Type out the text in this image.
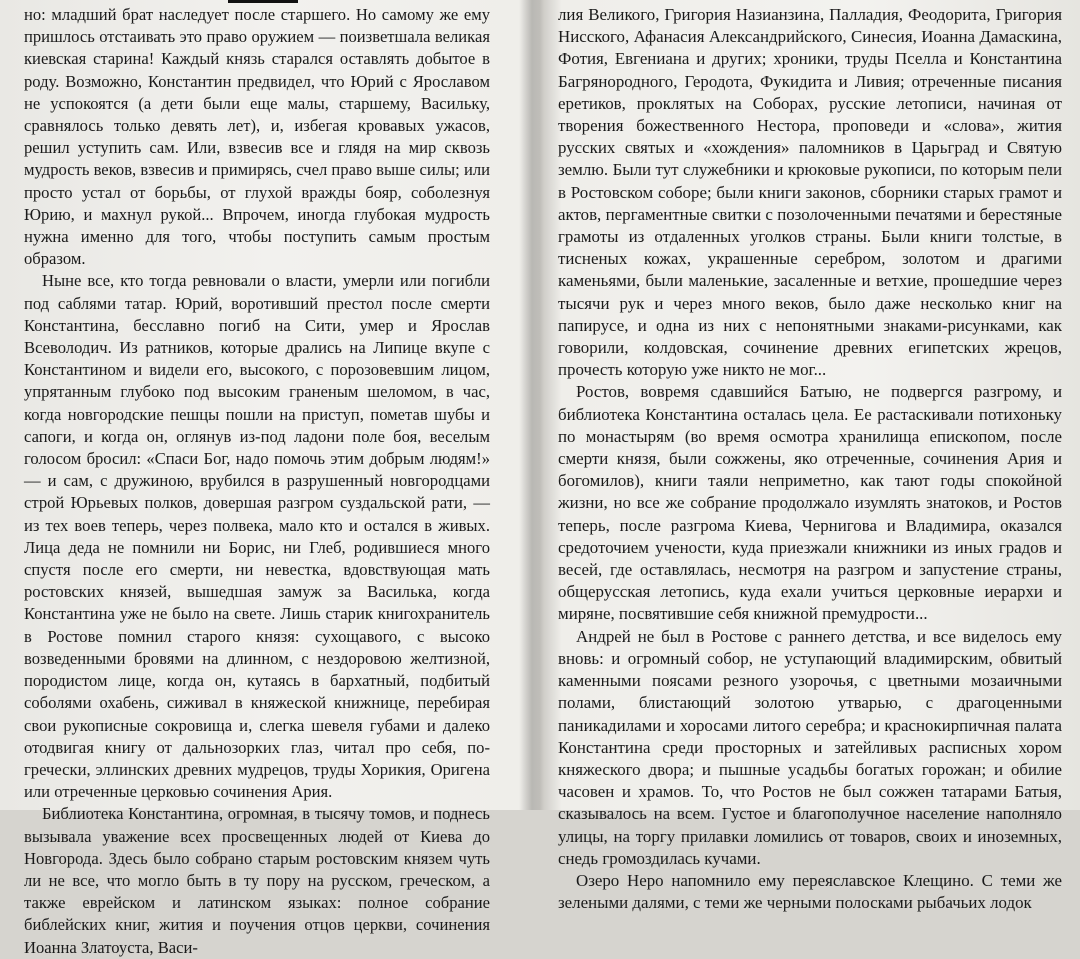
но: младший брат наследует после старшего. Но самому же ему пришлось отстаивать это право оружием — поизветшала великая киевская старина! Каждый князь старался оставлять добытое в роду. Возможно, Константин предвидел, что Юрий с Ярославом не успокоятся (а дети были еще малы, старшему, Васильку, сравнялось только девять лет), и, избегая кровавых ужасов, решил уступить сам. Или, взвесив все и глядя на мир сквозь мудрость веков, взвесив и примирясь, счел право выше силы; или просто устал от борьбы, от глухой вражды бояр, соболезнуя Юрию, и махнул рукой... Впрочем, иногда глубокая мудрость нужна именно для того, чтобы поступить самым простым образом.

Ныне все, кто тогда ревновали о власти, умерли или погибли под саблями татар. Юрий, воротивший престол после смерти Константина, бесславно погиб на Сити, умер и Ярослав Всеволодич. Из ратников, которые дрались на Липице вкупе с Константином и видели его, высокого, с порозовевшим лицом, упрятанным глубоко под высоким граненым шеломом, в час, когда новгородские пешцы пошли на приступ, пометав шубы и сапоги, и когда он, оглянув из-под ладони поле боя, веселым голосом бросил: «Спаси Бог, надо помочь этим добрым людям!» — и сам, с дружиною, врубился в разрушенный новгородцами строй Юрьевых полков, довершая разгром суздальской рати, — из тех воев теперь, через полвека, мало кто и остался в живых. Лица деда не помнили ни Борис, ни Глеб, родившиеся много спустя после его смерти, ни невестка, вдовствующая мать ростовских князей, вышедшая замуж за Василька, когда Константина уже не было на свете. Лишь старик книгохранитель в Ростове помнил старого князя: сухощавого, с высоко возведенными бровями на длинном, с нездоровою желтизной, породистом лице, когда он, кутаясь в бархатный, подбитый соболями охабень, сиживал в княжеской книжнице, перебирая свои рукописные сокровища и, слегка шевеля губами и далеко отодвигая книгу от дальнозорких глаз, читал про себя, по-гречески, эллинских древних мудрецов, труды Хорикия, Оригена или отреченные церковью сочинения Ария.

Библиотека Константина, огромная, в тысячу томов, и поднесь вызывала уважение всех просвещенных людей от Киева до Новгорода. Здесь было собрано старым ростовским князем чуть ли не все, что могло быть в ту пору на русском, греческом, а также еврейском и латинском языках: полное собрание библейских книг, жития и поучения отцов церкви, сочинения Иоанна Златоуста, Васи-

лия Великого, Григория Назианзина, Палладия, Феодорита, Григория Нисского, Афанасия Александрийского, Синесия, Иоанна Дамаскина, Фотия, Евгениана и других; хроники, труды Пселла и Константина Багрянородного, Геродота, Фукидита и Ливия; отреченные писания еретиков, проклятых на Соборах, русские летописи, начиная от творения божественного Нестора, проповеди и «слова», жития русских святых и «хождения» паломников в Царьград и Святую землю. Были тут служебники и крюковые рукописи, по которым пели в Ростовском соборе; были книги законов, сборники старых грамот и актов, пергаментные свитки с позолоченными печатями и берестяные грамоты из отдаленных уголков страны. Были книги толстые, в тисненых кожах, украшенные серебром, золотом и драгими каменьями, были маленькие, засаленные и ветхие, прошедшие через тысячи рук и через много веков, было даже несколько книг на папирусе, и одна из них с непонятными знаками-рисунками, как говорили, колдовская, сочинение древних египетских жрецов, прочесть которую уже никто не мог...

Ростов, вовремя сдавшийся Батыю, не подвергся разгрому, и библиотека Константина осталась цела. Ее растаскивали потихоньку по монастырям (во время осмотра хранилища епископом, после смерти князя, были сожжены, яко отреченные, сочинения Ария и богомилов), книги таяли неприметно, как тают годы спокойной жизни, но все же собрание продолжало изумлять знатоков, и Ростов теперь, после разгрома Киева, Чернигова и Владимира, оказался средоточием учености, куда приезжали книжники из иных градов и весей, где оставлялась, несмотря на разгром и запустение страны, общерусская летопись, куда ехали учиться церковные иерархи и миряне, посвятившие себя книжной премудрости...

Андрей не был в Ростове с раннего детства, и все виделось ему вновь: и огромный собор, не уступающий владимирским, обвитый каменными поясами резного узорочья, с цветными мозаичными полами, блистающий золотою утварью, с драгоценными паникадилами и хоросами литого серебра; и краснокирпичная палата Константина среди просторных и затейливых расписных хором княжеского двора; и пышные усадьбы богатых горожан; и обилие часовен и храмов. То, что Ростов не был сожжен татарами Батыя, сказывалось на всем. Густое и благополучное население наполняло улицы, на торгу прилавки ломились от товаров, своих и иноземных, снедь громоздилась кучами.

Озеро Неро напомнило ему переяславское Клещино. С теми же зелеными далями, с теми же черными полосками рыбачьих лодок
